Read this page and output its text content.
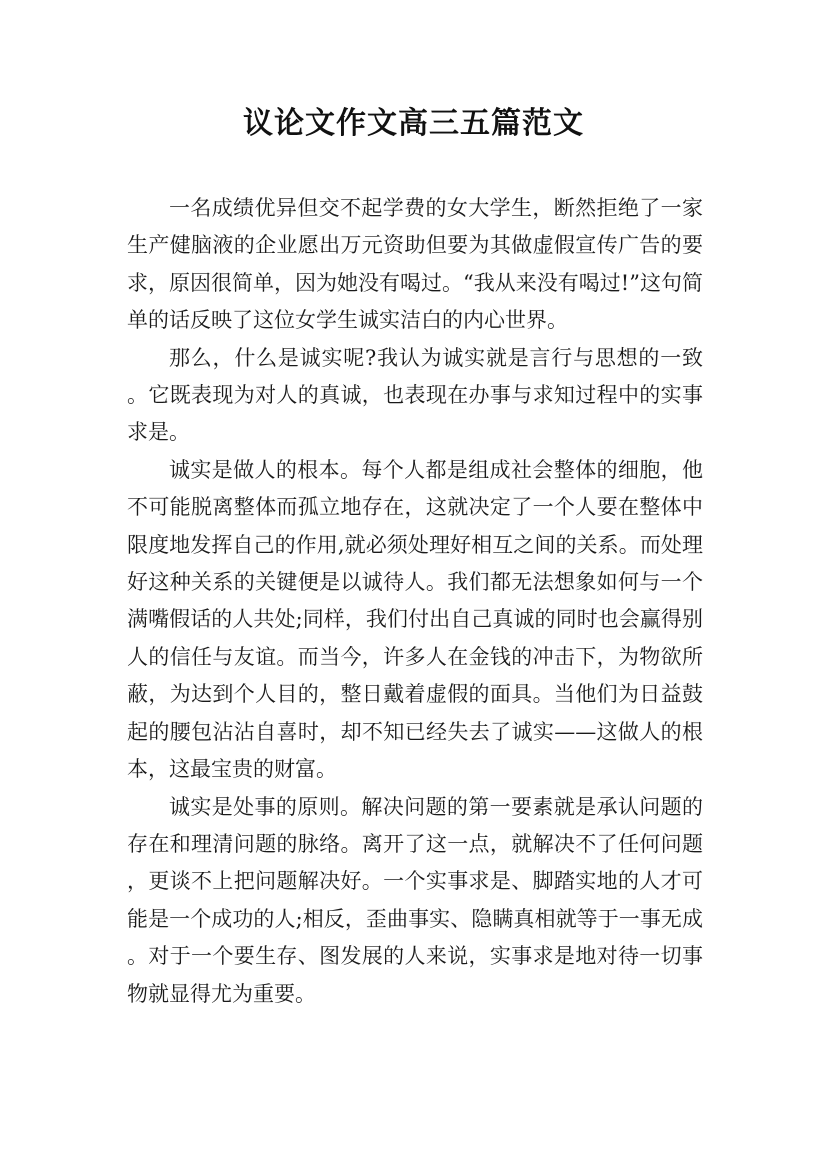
议论文作文高三五篇范文

一名成绩优异但交不起学费的女大学生，断然拒绝了一家生产健脑液的企业愿出万元资助但要为其做虚假宣传广告的要求，原因很简单，因为她没有喝过。“我从来没有喝过!”这句简单的话反映了这位女学生诚实洁白的内心世界。

那么，什么是诚实呢?我认为诚实就是言行与思想的一致。它既表现为对人的真诚，也表现在办事与求知过程中的实事求是。

诚实是做人的根本。每个人都是组成社会整体的细胞，他不可能脱离整体而孤立地存在，这就决定了一个人要在整体中限度地发挥自己的作用,就必须处理好相互之间的关系。而处理好这种关系的关键便是以诚待人。我们都无法想象如何与一个满嘴假话的人共处;同样，我们付出自己真诚的同时也会赢得别人的信任与友谊。而当今，许多人在金钱的冲击下，为物欲所蔽，为达到个人目的，整日戴着虚假的面具。当他们为日益鼓起的腰包沾沾自喜时，却不知已经失去了诚实——这做人的根本，这最宝贵的财富。

诚实是处事的原则。解决问题的第一要素就是承认问题的存在和理清问题的脉络。离开了这一点，就解决不了任何问题，更谈不上把问题解决好。一个实事求是、脚踏实地的人才可能是一个成功的人;相反，歪曲事实、隐瞒真相就等于一事无成。对于一个要生存、图发展的人来说，实事求是地对待一切事物就显得尤为重要。
